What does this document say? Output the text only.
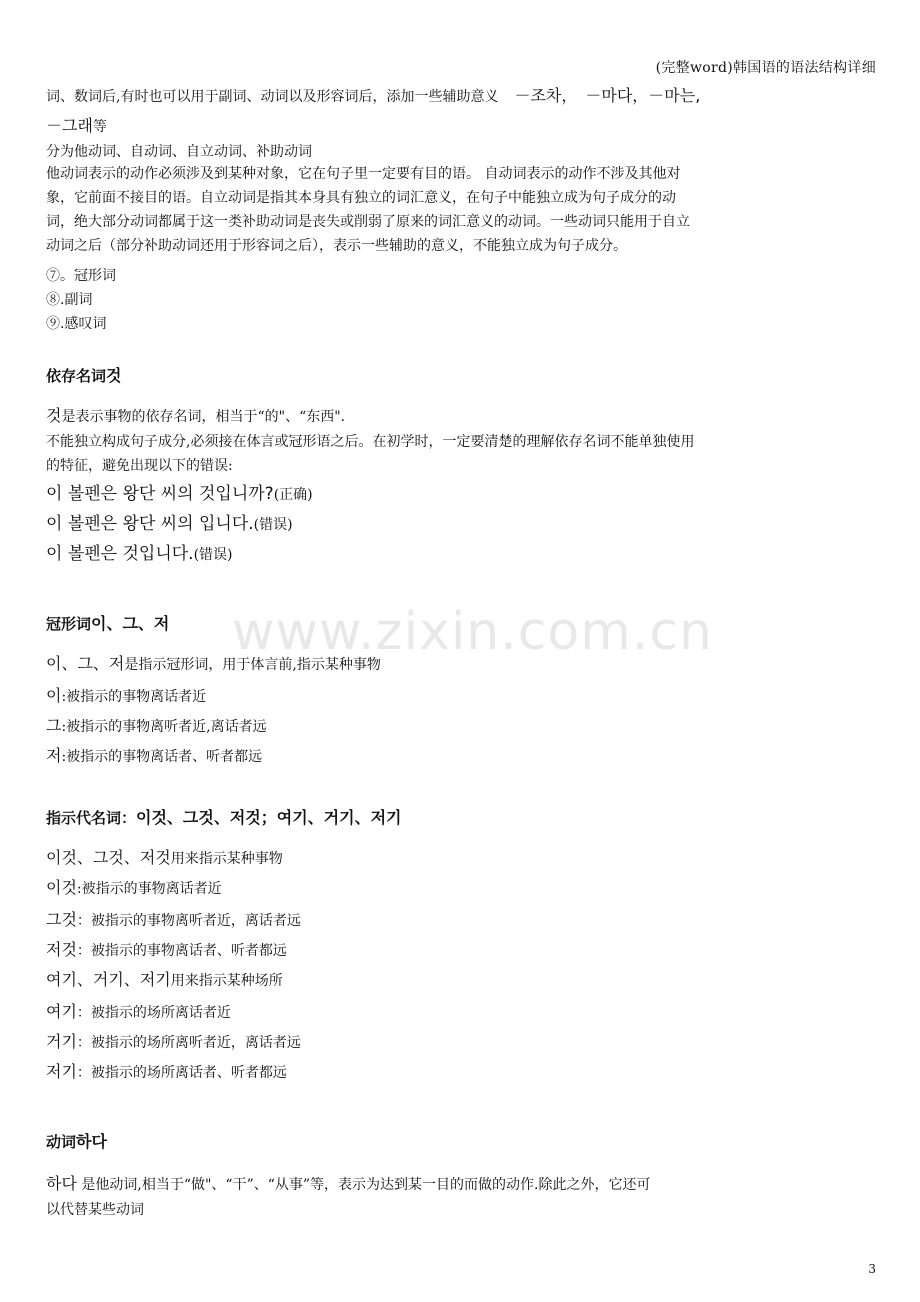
(完整word)韩国语的语法结构详细
词、数词后,有时也可以用于副词、动词以及形容词后，添加一些辅助意义　－조차，　－마다，－마는,
－그래等
分为他动词、自动词、自立动词、补助动词
他动词表示的动作必须涉及到某种对象，它在句子里一定要有目的语。 自动词表示的动作不涉及其他对
象，它前面不接目的语。自立动词是指其本身具有独立的词汇意义，在句子中能独立成为句子成分的动
词，绝大部分动词都属于这一类补助动词是丧失或削弱了原来的词汇意义的动词。一些动词只能用于自立
动词之后（部分补助动词还用于形容词之后），表示一些辅助的意义，不能独立成为句子成分。
⑦。冠形词
⑧.副词
⑨.感叹词
依存名词것
것是表示事物的依存名词，相当于“的"、“东西".
不能独立构成句子成分,必须接在体言或冠形语之后。在初学时，一定要清楚的理解依存名词不能单独使用
的特征，避免出现以下的错误:
이 볼펜은 왕단 씨의 것입니까?(正确)
이 볼펜은 왕단 씨의 입니다.(错误)
이 볼펜은 것입니다.(错误)
www.zixin.com.cn
冠形词이、그、저
이、그、저是指示冠形词，用于体言前,指示某种事物
이:被指示的事物离话者近
그:被指示的事物离听者近,离话者远
저:被指示的事物离话者、听者都远
指示代名词：이것、그것、저것；여기、거기、저기
이것、그것、저것用来指示某种事物
이것:被指示的事物离话者近
그것：被指示的事物离听者近，离话者远
저것：被指示的事物离话者、听者都远
여기、거기、저기用来指示某种场所
여기：被指示的场所离话者近
거기：被指示的场所离听者近，离话者远
저기：被指示的场所离话者、听者都远
动词하다
하다 是他动词,相当于“做"、“干”、“从事”等，表示为达到某一目的而做的动作.除此之外，它还可
以代替某些动词
3
